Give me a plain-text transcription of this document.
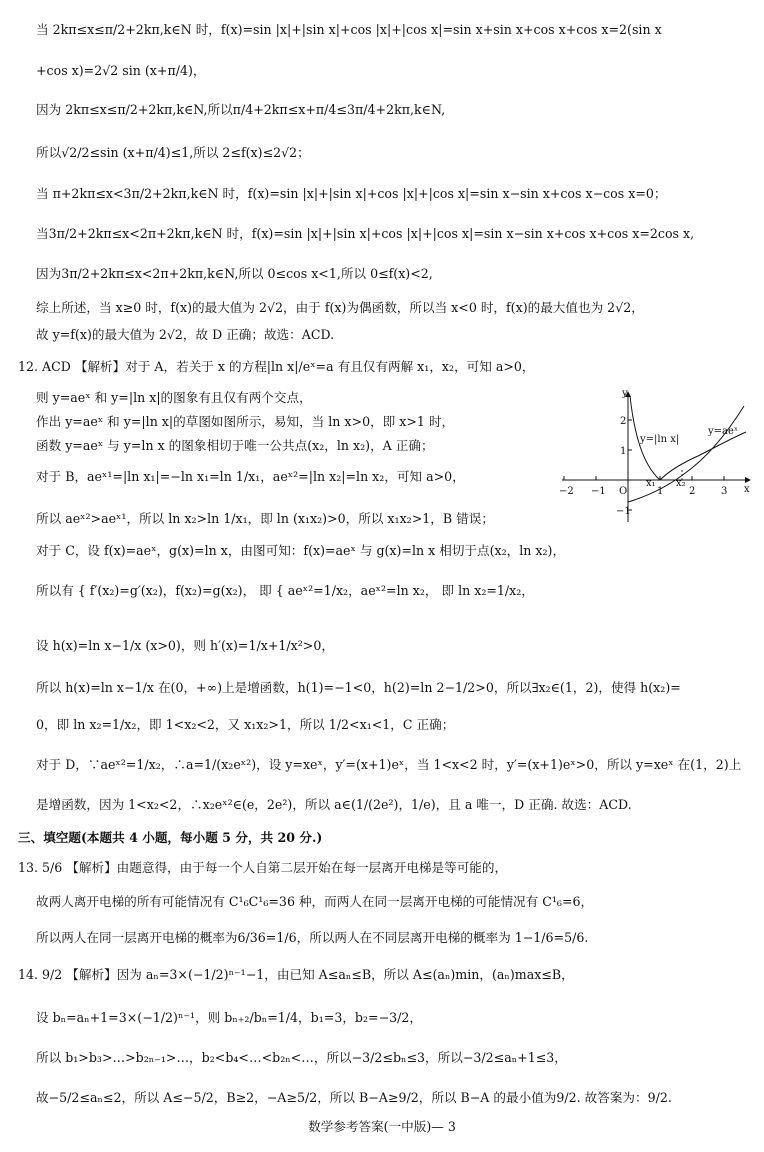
当 2kπ≤x≤π/2+2kπ,k∈N 时，f(x)=sin |x|+|sin x|+cos |x|+|cos x|=sin x+sin x+cos x+cos x=2(sin x
+cos x)=2√2 sin (x+π/4)，
因为 2kπ≤x≤π/2+2kπ,k∈N,所以π/4+2kπ≤x+π/4≤3π/4+2kπ,k∈N,
所以√2/2≤sin (x+π/4)≤1,所以 2≤f(x)≤2√2；
当 π+2kπ≤x<3π/2+2kπ,k∈N 时，f(x)=sin |x|+|sin x|+cos |x|+|cos x|=sin x−sin x+cos x−cos x=0；
当3π/2+2kπ≤x<2π+2kπ,k∈N 时，f(x)=sin |x|+|sin x|+cos |x|+|cos x|=sin x−sin x+cos x+cos x=2cos x,
因为3π/2+2kπ≤x<2π+2kπ,k∈N,所以 0≤cos x<1,所以 0≤f(x)<2,
综上所述，当 x≥0 时，f(x)的最大值为 2√2，由于 f(x)为偶函数，所以当 x<0 时，f(x)的最大值也为 2√2，
故 y=f(x)的最大值为 2√2，故 D 正确；故选：ACD.
12. ACD 【解析】对于 A，若关于 x 的方程|ln x|/eˣ=a 有且仅有两解 x₁，x₂，可知 a>0，
则 y=aeˣ 和 y=|ln x|的图象有且仅有两个交点，
作出 y=aeˣ 和 y=|ln x|的草图如图所示，易知，当 ln x>0，即 x>1 时，
函数 y=aeˣ 与 y=ln x 的图象相切于唯一公共点(x₂，ln x₂)，A 正确；
对于 B，aeˣ¹=|ln x₁|=−ln x₁=ln 1/x₁，aeˣ²=|ln x₂|=ln x₂，可知 a>0，
所以 aeˣ²>aeˣ¹，所以 ln x₂>ln 1/x₁，即 ln (x₁x₂)>0，所以 x₁x₂>1，B 错误；
对于 C，设 f(x)=aeˣ，g(x)=ln x，由图可知：f(x)=aeˣ 与 g(x)=ln x 相切于点(x₂，ln x₂)，
所以有 { f′(x₂)=g′(x₂)，f(x₂)=g(x₂)， 即 { aeˣ²=1/x₂，aeˣ²=ln x₂， 即 ln x₂=1/x₂，
设 h(x)=ln x−1/x (x>0)，则 h′(x)=1/x+1/x²>0，
所以 h(x)=ln x−1/x 在(0，+∞)上是增函数，h(1)=−1<0，h(2)=ln 2−1/2>0，所以∃x₂∈(1，2)，使得 h(x₂)=
0，即 ln x₂=1/x₂，即 1<x₂<2，又 x₁x₂>1，所以 1/2<x₁<1，C 正确；
对于 D，∵aeˣ²=1/x₂，∴a=1/(x₂eˣ²)，设 y=xeˣ，y′=(x+1)eˣ，当 1<x<2 时，y′=(x+1)eˣ>0，所以 y=xeˣ 在(1，2)上
是增函数，因为 1<x₂<2，∴x₂eˣ²∈(e，2e²)，所以 a∈(1/(2e²)，1/e)，且 a 唯一，D 正确. 故选：ACD.
三、填空题(本题共 4 小题，每小题 5 分，共 20 分.)
13. 5/6 【解析】由题意得，由于每一个人自第二层开始在每一层离开电梯是等可能的，
故两人离开电梯的所有可能情况有 C¹₆C¹₆=36 种，而两人在同一层离开电梯的可能情况有 C¹₆=6，
所以两人在同一层离开电梯的概率为6/36=1/6，所以两人在不同层离开电梯的概率为 1−1/6=5/6.
14. 9/2 【解析】因为 aₙ=3×(−1/2)ⁿ⁻¹−1，由已知 A≤aₙ≤B，所以 A≤(aₙ)min，(aₙ)max≤B，
设 bₙ=aₙ+1=3×(−1/2)ⁿ⁻¹，则 bₙ₊₂/bₙ=1/4，b₁=3，b₂=−3/2，
所以 b₁>b₃>…>b₂ₙ₋₁>…，b₂<b₄<…<b₂ₙ<…，所以−3/2≤bₙ≤3，所以−3/2≤aₙ+1≤3，
故−5/2≤aₙ≤2，所以 A≤−5/2，B≥2，−A≥5/2，所以 B−A≥9/2，所以 B−A 的最小值为9/2. 故答案为：9/2.
数学参考答案(一中版)— 3
−2 −1 O	1	2	3
2
1
−1
x
y
y=|ln x|
y=aeˣ
x₁ x₂
